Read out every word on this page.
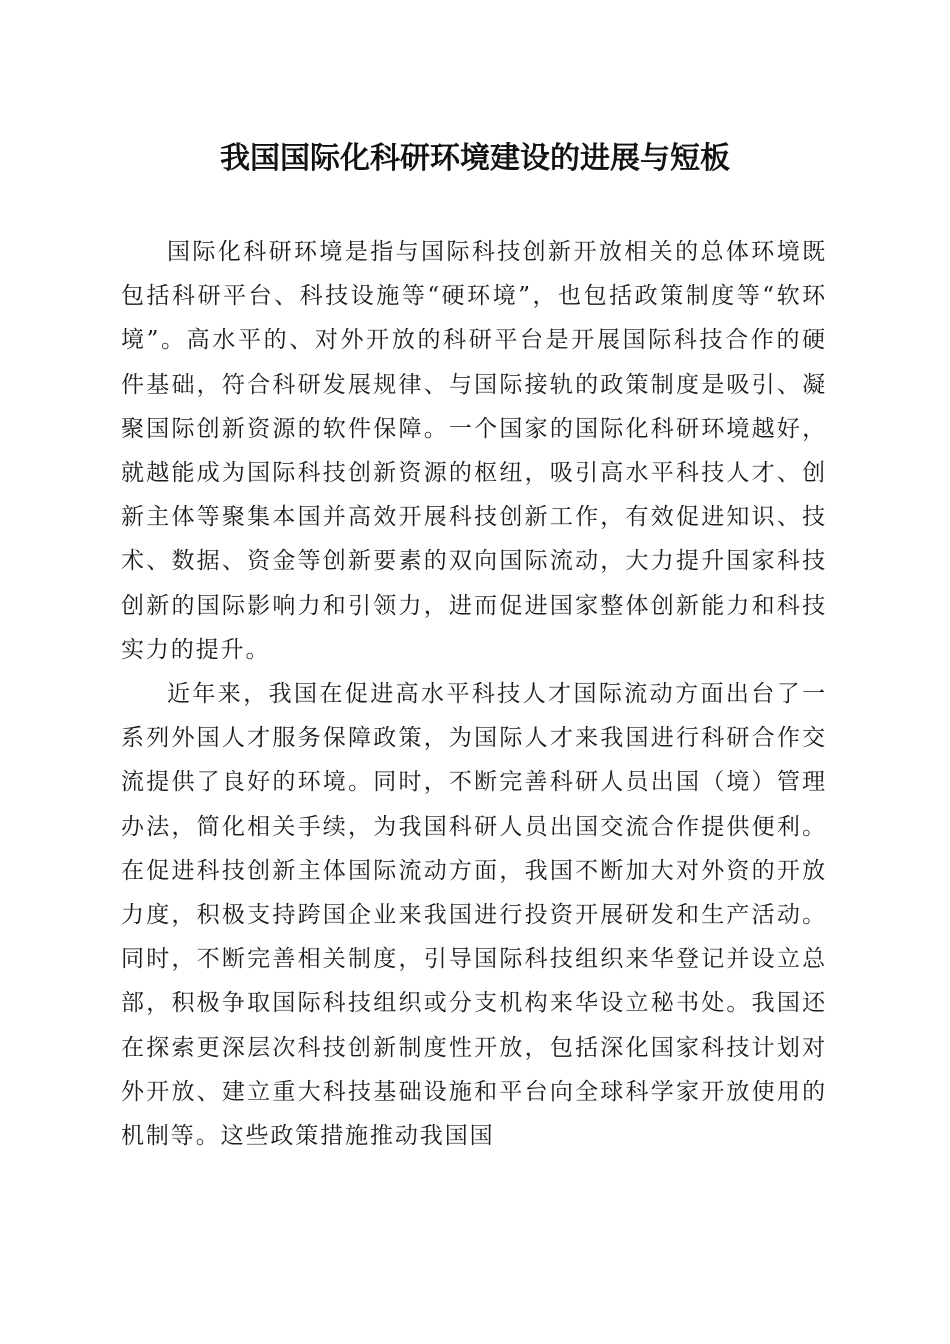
我国国际化科研环境建设的进展与短板

国际化科研环境是指与国际科技创新开放相关的总体环境既包括科研平台、科技设施等“硬环境”，也包括政策制度等“软环境”。高水平的、对外开放的科研平台是开展国际科技合作的硬件基础，符合科研发展规律、与国际接轨的政策制度是吸引、凝聚国际创新资源的软件保障。一个国家的国际化科研环境越好，就越能成为国际科技创新资源的枢纽，吸引高水平科技人才、创新主体等聚集本国并高效开展科技创新工作，有效促进知识、技术、数据、资金等创新要素的双向国际流动，大力提升国家科技创新的国际影响力和引领力，进而促进国家整体创新能力和科技实力的提升。

近年来，我国在促进高水平科技人才国际流动方面出台了一系列外国人才服务保障政策，为国际人才来我国进行科研合作交流提供了良好的环境。同时，不断完善科研人员出国（境）管理办法，简化相关手续，为我国科研人员出国交流合作提供便利。在促进科技创新主体国际流动方面，我国不断加大对外资的开放力度，积极支持跨国企业来我国进行投资开展研发和生产活动。同时，不断完善相关制度，引导国际科技组织来华登记并设立总部，积极争取国际科技组织或分支机构来华设立秘书处。我国还在探索更深层次科技创新制度性开放，包括深化国家科技计划对外开放、建立重大科技基础设施和平台向全球科学家开放使用的机制等。这些政策措施推动我国国
